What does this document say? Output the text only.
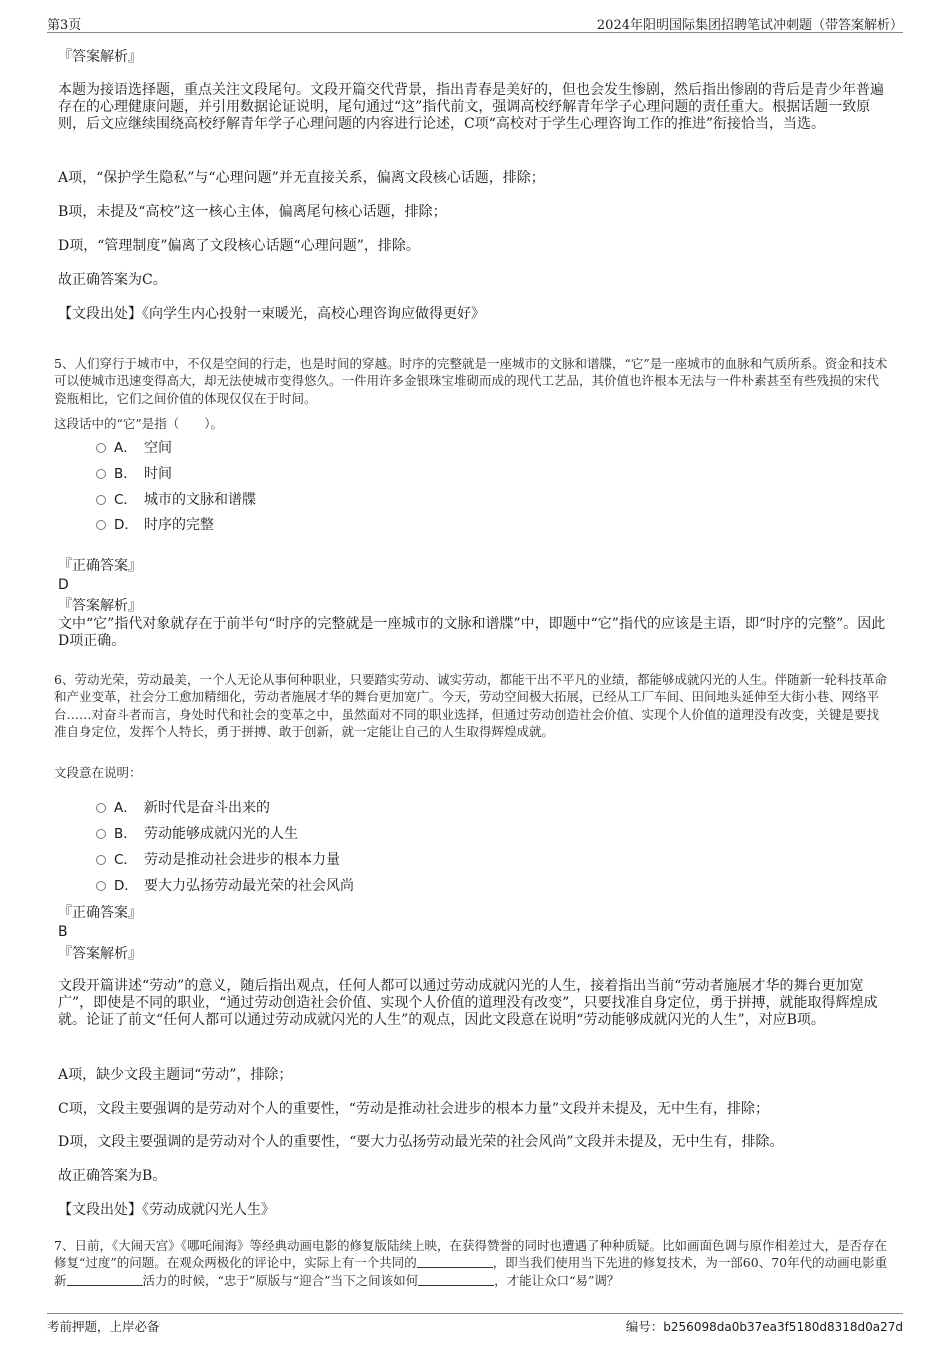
第3页	2024年阳明国际集团招聘笔试冲刺题（带答案解析）
『答案解析』
本题为接语选择题，重点关注文段尾句。文段开篇交代背景，指出青春是美好的，但也会发生惨剧，然后指出惨剧的背后是青少年普遍存在的心理健康问题，并引用数据论证说明，尾句通过“这”指代前文，强调高校纾解青年学子心理问题的责任重大。根据话题一致原则，后文应继续围绕高校纾解青年学子心理问题的内容进行论述，C项“高校对于学生心理咨询工作的推进”衔接恰当，当选。
A项，“保护学生隐私”与“心理问题”并无直接关系，偏离文段核心话题，排除；
B项，未提及“高校”这一核心主体，偏离尾句核心话题，排除；
D项，“管理制度”偏离了文段核心话题“心理问题”，排除。
故正确答案为C。
【文段出处】《向学生内心投射一束暖光，高校心理咨询应做得更好》
5、人们穿行于城市中，不仅是空间的行走，也是时间的穿越。时序的完整就是一座城市的文脉和谱牒，“它”是一座城市的血脉和气质所系。资金和技术可以使城市迅速变得高大，却无法使城市变得悠久。一件用许多金银珠宝堆砌而成的现代工艺品，其价值也许根本无法与一件朴素甚至有些残损的宋代瓷瓶相比，它们之间价值的体现仅仅在于时间。
这段话中的“它”是指（　　）。
A． 空间
B． 时间
C． 城市的文脉和谱牒
D． 时序的完整
『正确答案』
D
『答案解析』
文中“它”指代对象就存在于前半句“时序的完整就是一座城市的文脉和谱牒”中，即题中“它”指代的应该是主语，即“时序的完整”。因此D项正确。
6、劳动光荣，劳动最美，一个人无论从事何种职业，只要踏实劳动、诚实劳动，都能干出不平凡的业绩，都能够成就闪光的人生。伴随新一轮科技革命和产业变革，社会分工愈加精细化，劳动者施展才华的舞台更加宽广。今天，劳动空间极大拓展，已经从工厂车间、田间地头延伸至大街小巷、网络平台……对奋斗者而言，身处时代和社会的变革之中，虽然面对不同的职业选择，但通过劳动创造社会价值、实现个人价值的道理没有改变，关键是要找准自身定位，发挥个人特长，勇于拼搏、敢于创新，就一定能让自己的人生取得辉煌成就。
文段意在说明：
A． 新时代是奋斗出来的
B． 劳动能够成就闪光的人生
C． 劳动是推动社会进步的根本力量
D． 要大力弘扬劳动最光荣的社会风尚
『正确答案』
B
『答案解析』
文段开篇讲述“劳动”的意义，随后指出观点，任何人都可以通过劳动成就闪光的人生，接着指出当前“劳动者施展才华的舞台更加宽广”，即使是不同的职业，“通过劳动创造社会价值、实现个人价值的道理没有改变”，只要找准自身定位，勇于拼搏，就能取得辉煌成就。论证了前文“任何人都可以通过劳动成就闪光的人生”的观点，因此文段意在说明“劳动能够成就闪光的人生”，对应B项。
A项，缺少文段主题词“劳动”，排除；
C项，文段主要强调的是劳动对个人的重要性，“劳动是推动社会进步的根本力量”文段并未提及，无中生有，排除；
D项，文段主要强调的是劳动对个人的重要性，“要大力弘扬劳动最光荣的社会风尚”文段并未提及，无中生有，排除。
故正确答案为B。
【文段出处】《劳动成就闪光人生》
7、日前，《大闹天宫》《哪吒闹海》等经典动画电影的修复版陆续上映，在获得赞誉的同时也遭遇了种种质疑。比如画面色调与原作相差过大，是否存在修复“过度”的问题。在观众两极化的评论中，实际上有一个共同的	，即当我们使用当下先进的修复技术，为一部60、70年代的动画电影重新	活力的时候，“忠于”原版与“迎合”当下之间该如何	，才能让众口“易”调？
考前押题，上岸必备	编号：b256098da0b37ea3f5180d8318d0a27d
